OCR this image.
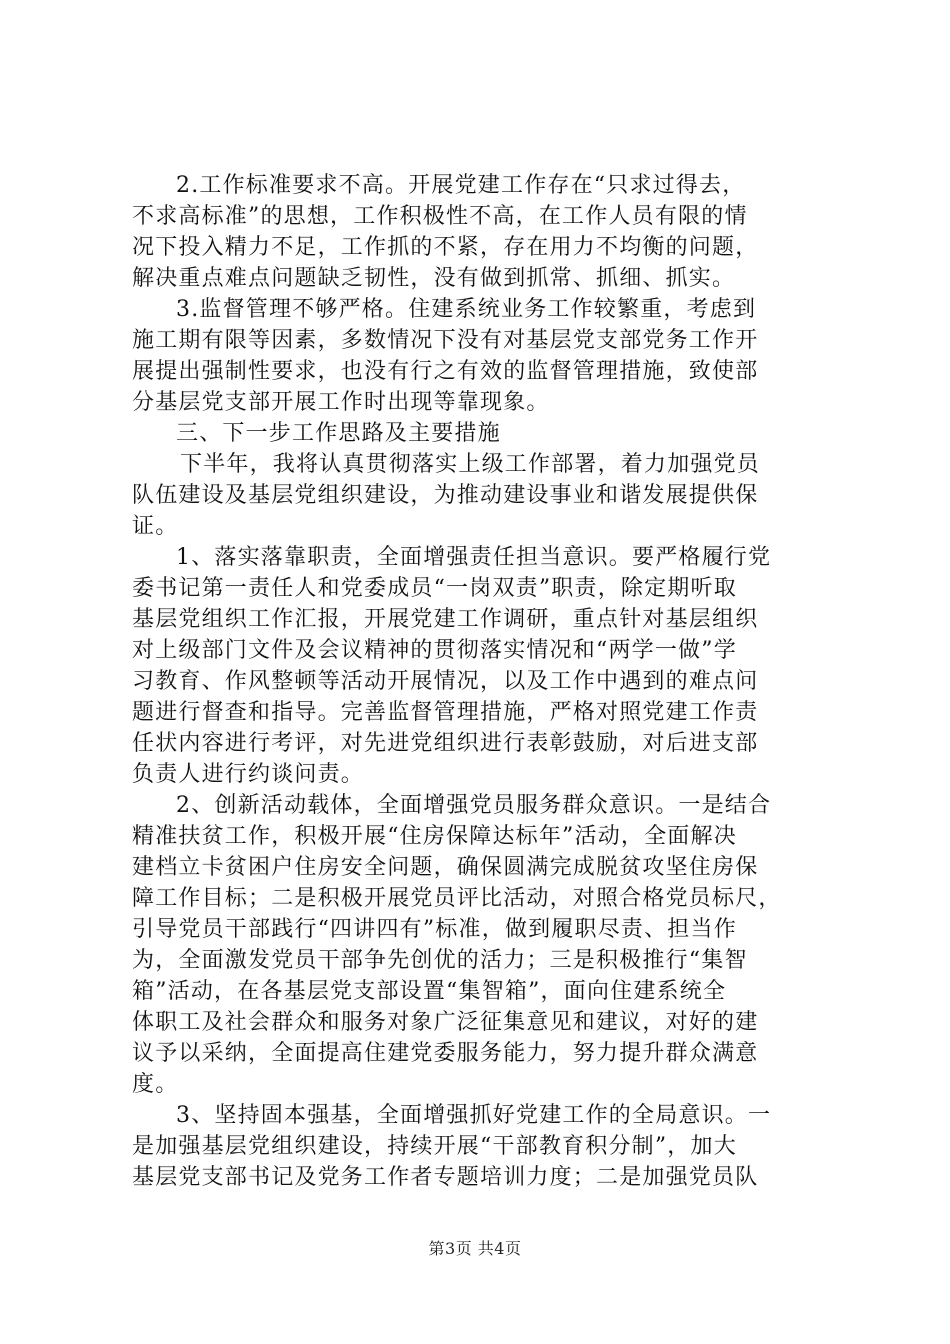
2.工作标准要求不高。开展党建工作存在“只求过得去，
不求高标准”的思想，工作积极性不高，在工作人员有限的情
况下投入精力不足，工作抓的不紧，存在用力不均衡的问题，
解决重点难点问题缺乏韧性，没有做到抓常、抓细、抓实。
3.监督管理不够严格。住建系统业务工作较繁重，考虑到
施工期有限等因素，多数情况下没有对基层党支部党务工作开
展提出强制性要求，也没有行之有效的监督管理措施，致使部
分基层党支部开展工作时出现等靠现象。
三、下一步工作思路及主要措施
下半年，我将认真贯彻落实上级工作部署，着力加强党员
队伍建设及基层党组织建设，为推动建设事业和谐发展提供保
证。
1、落实落靠职责，全面增强责任担当意识。要严格履行党
委书记第一责任人和党委成员“一岗双责”职责，除定期听取
基层党组织工作汇报，开展党建工作调研，重点针对基层组织
对上级部门文件及会议精神的贯彻落实情况和“两学一做”学
习教育、作风整顿等活动开展情况，以及工作中遇到的难点问
题进行督查和指导。完善监督管理措施，严格对照党建工作责
任状内容进行考评，对先进党组织进行表彰鼓励，对后进支部
负责人进行约谈问责。
2、创新活动载体，全面增强党员服务群众意识。一是结合
精准扶贫工作，积极开展“住房保障达标年”活动，全面解决
建档立卡贫困户住房安全问题，确保圆满完成脱贫攻坚住房保
障工作目标；二是积极开展党员评比活动，对照合格党员标尺，
引导党员干部践行“四讲四有”标准，做到履职尽责、担当作
为，全面激发党员干部争先创优的活力；三是积极推行“集智
箱”活动，在各基层党支部设置“集智箱”，面向住建系统全
体职工及社会群众和服务对象广泛征集意见和建议，对好的建
议予以采纳，全面提高住建党委服务能力，努力提升群众满意
度。
3、坚持固本强基，全面增强抓好党建工作的全局意识。一
是加强基层党组织建设，持续开展“干部教育积分制”，加大
基层党支部书记及党务工作者专题培训力度；二是加强党员队
第3页 共4页
